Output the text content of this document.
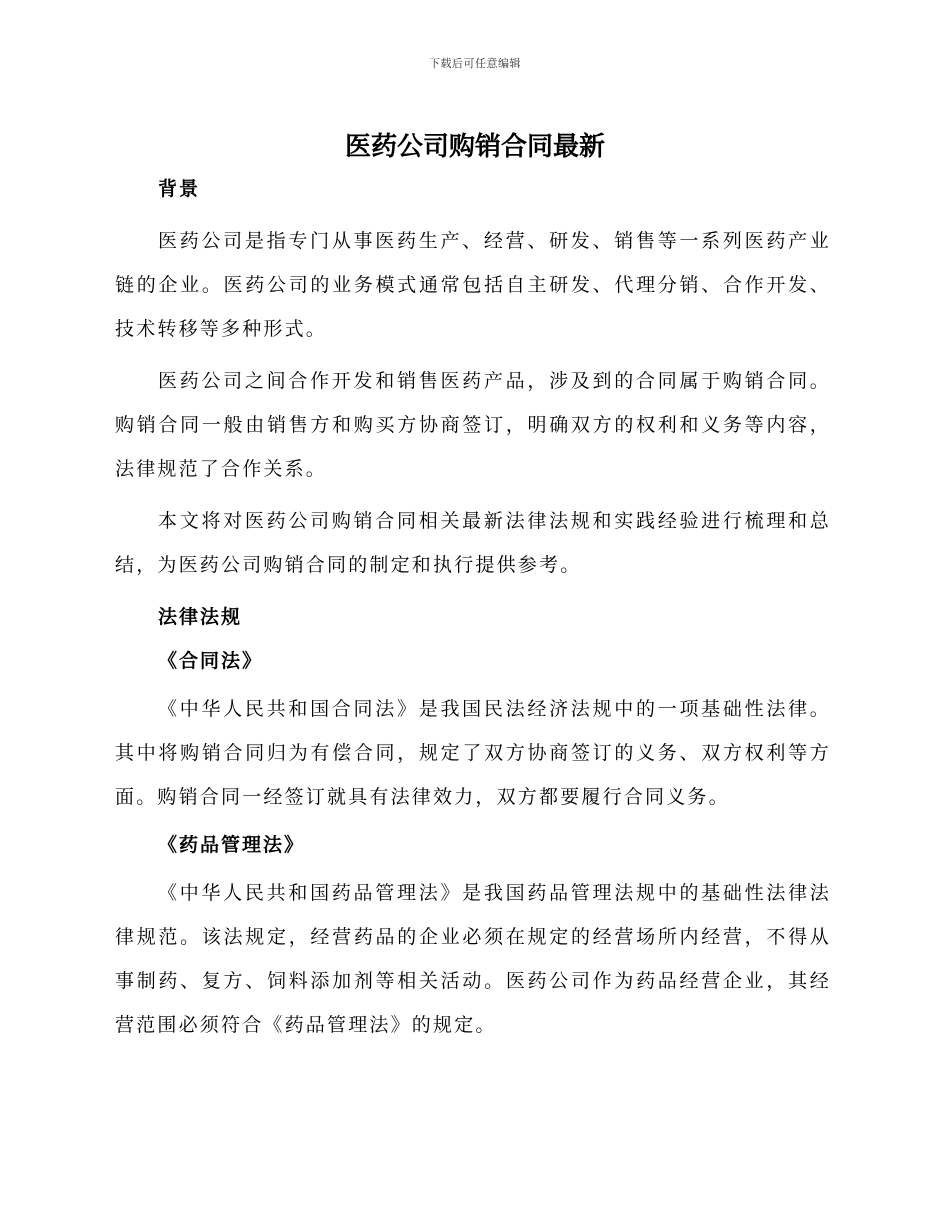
下载后可任意编辑
医药公司购销合同最新
背景

医药公司是指专门从事医药生产、经营、研发、销售等一系列医药产业链的企业。医药公司的业务模式通常包括自主研发、代理分销、合作开发、技术转移等多种形式。

医药公司之间合作开发和销售医药产品，涉及到的合同属于购销合同。购销合同一般由销售方和购买方协商签订，明确双方的权利和义务等内容，法律规范了合作关系。

本文将对医药公司购销合同相关最新法律法规和实践经验进行梳理和总结，为医药公司购销合同的制定和执行提供参考。

法律法规
《合同法》

《中华人民共和国合同法》是我国民法经济法规中的一项基础性法律。其中将购销合同归为有偿合同，规定了双方协商签订的义务、双方权利等方面。购销合同一经签订就具有法律效力，双方都要履行合同义务。

《药品管理法》

《中华人民共和国药品管理法》是我国药品管理法规中的基础性法律法律规范。该法规定，经营药品的企业必须在规定的经营场所内经营，不得从事制药、复方、饲料添加剂等相关活动。医药公司作为药品经营企业，其经营范围必须符合《药品管理法》的规定。
